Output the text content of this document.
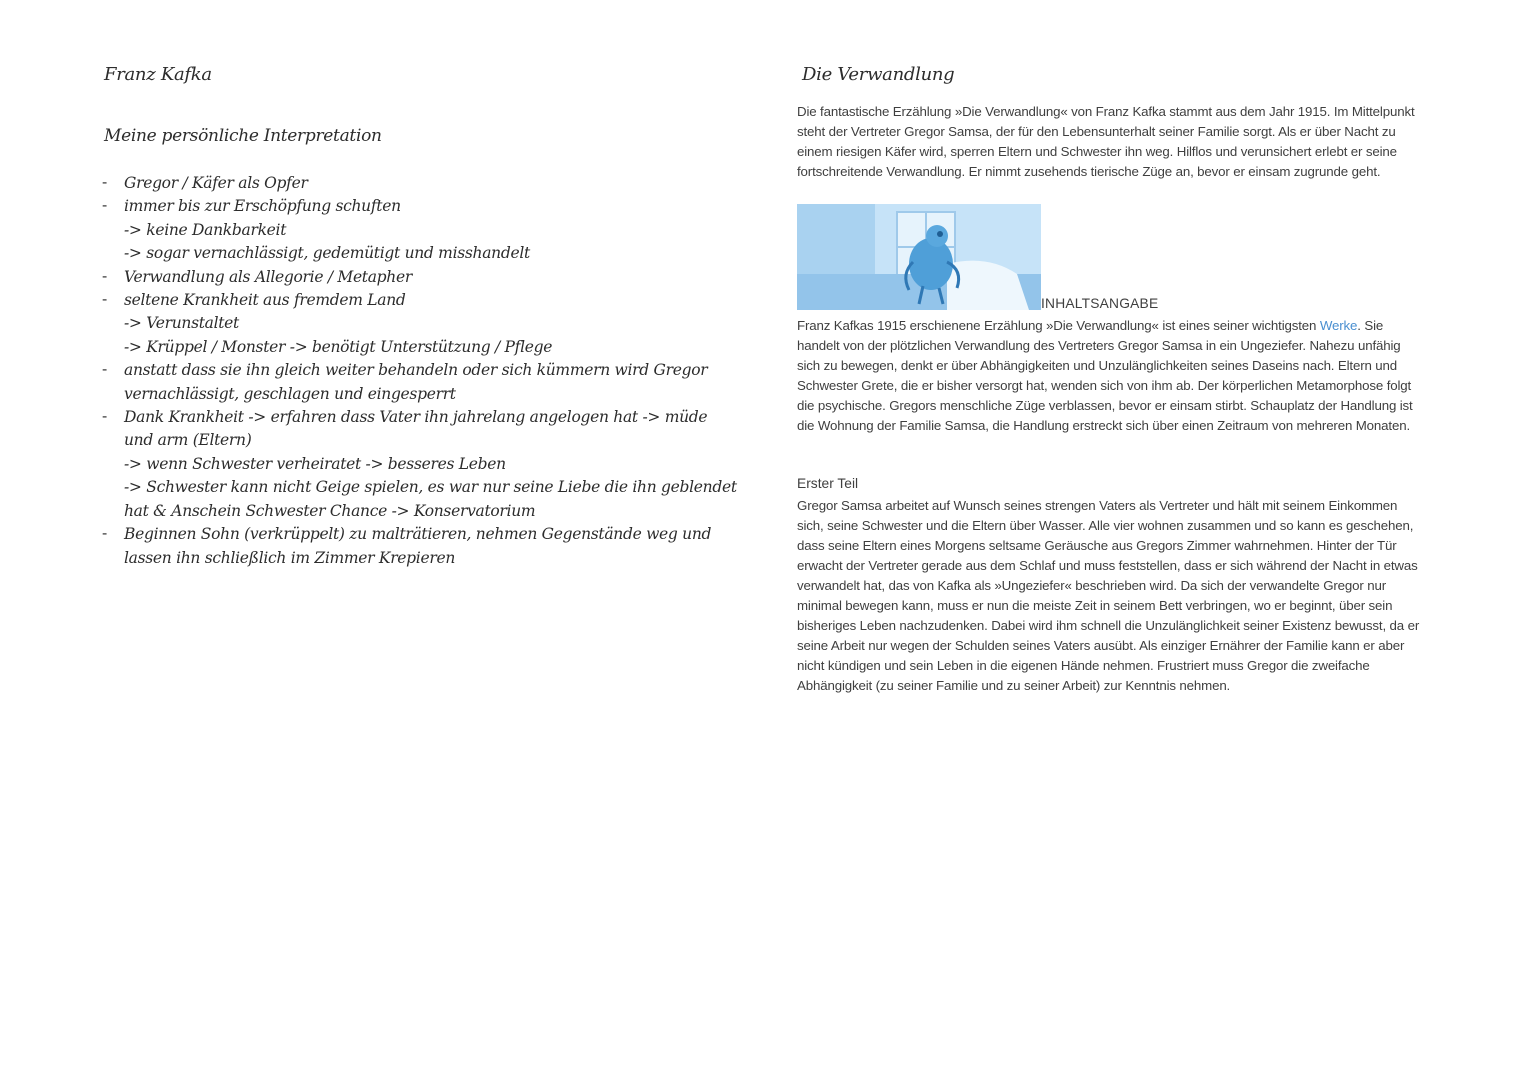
Franz Kafka
Meine persönliche Interpretation
- Gregor / Käfer als Opfer
- immer bis zur Erschöpfung schuften
-> keine Dankbarkeit
-> sogar vernachlässigt, gedemütigt und misshandelt
- Verwandlung als Allegorie / Metapher
- seltene Krankheit aus fremdem Land
-> Verunstaltet
-> Krüppel / Monster -> benötigt Unterstützung / Pflege
- anstatt dass sie ihn gleich weiter behandeln oder sich kümmern wird Gregor vernachlässigt, geschlagen und eingesperrt
- Dank Krankheit -> erfahren dass Vater ihn jahrelang angelogen hat -> müde und arm (Eltern)
-> wenn Schwester verheiratet -> besseres Leben
-> Schwester kann nicht Geige spielen, es war nur seine Liebe die ihn geblendet hat & Anschein Schwester Chance -> Konservatorium
- Beginnen Sohn (verkrüppelt) zu malträtieren, nehmen Gegenstände weg und lassen ihn schließlich im Zimmer Krepieren
Die Verwandlung

Die fantastische Erzählung »Die Verwandlung« von Franz Kafka stammt aus dem Jahr 1915. Im Mittelpunkt steht der Vertreter Gregor Samsa, der für den Lebensunterhalt seiner Familie sorgt. Als er über Nacht zu einem riesigen Käfer wird, sperren Eltern und Schwester ihn weg. Hilflos und verunsichert erlebt er seine fortschreitende Verwandlung. Er nimmt zusehends tierische Züge an, bevor er einsam zugrunde geht.

INHALTSANGABE

Franz Kafkas 1915 erschienene Erzählung »Die Verwandlung« ist eines seiner wichtigsten Werke. Sie handelt von der plötzlichen Verwandlung des Vertreters Gregor Samsa in ein Ungeziefer. Nahezu unfähig sich zu bewegen, denkt er über Abhängigkeiten und Unzulänglichkeiten seines Daseins nach. Eltern und Schwester Grete, die er bisher versorgt hat, wenden sich von ihm ab. Der körperlichen Metamorphose folgt die psychische. Gregors menschliche Züge verblassen, bevor er einsam stirbt. Schauplatz der Handlung ist die Wohnung der Familie Samsa, die Handlung erstreckt sich über einen Zeitraum von mehreren Monaten.

Erster Teil

Gregor Samsa arbeitet auf Wunsch seines strengen Vaters als Vertreter und hält mit seinem Einkommen sich, seine Schwester und die Eltern über Wasser. Alle vier wohnen zusammen und so kann es geschehen, dass seine Eltern eines Morgens seltsame Geräusche aus Gregors Zimmer wahrnehmen. Hinter der Tür erwacht der Vertreter gerade aus dem Schlaf und muss feststellen, dass er sich während der Nacht in etwas verwandelt hat, das von Kafka als »Ungeziefer« beschrieben wird. Da sich der verwandelte Gregor nur minimal bewegen kann, muss er nun die meiste Zeit in seinem Bett verbringen, wo er beginnt, über sein bisheriges Leben nachzudenken. Dabei wird ihm schnell die Unzulänglichkeit seiner Existenz bewusst, da er seine Arbeit nur wegen der Schulden seines Vaters ausübt. Als einziger Ernährer der Familie kann er aber nicht kündigen und sein Leben in die eigenen Hände nehmen. Frustriert muss Gregor die zweifache Abhängigkeit (zu seiner Familie und zu seiner Arbeit) zur Kenntnis nehmen.
